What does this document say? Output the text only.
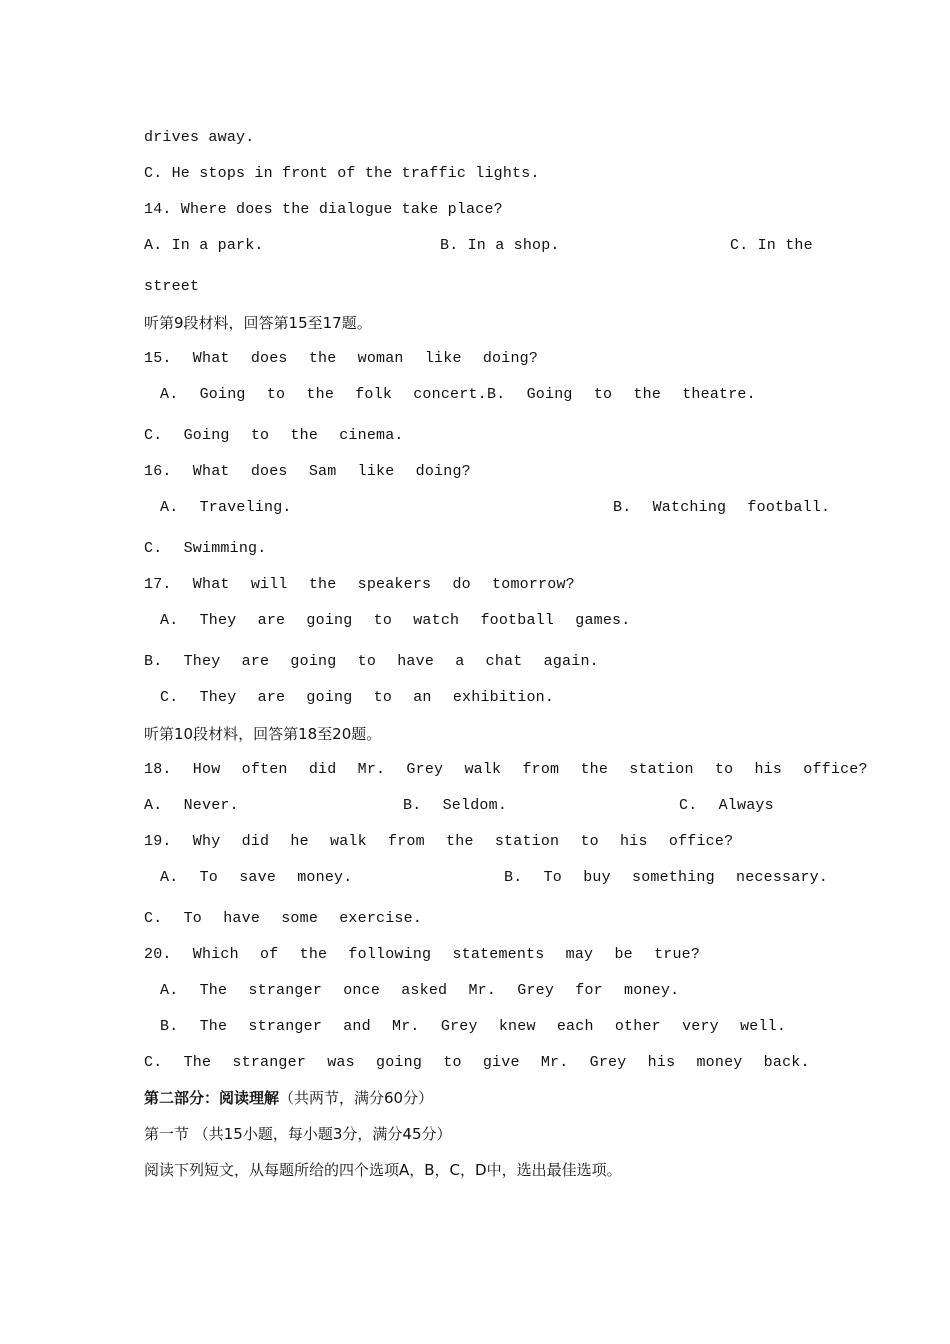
drives away.
C. He stops in front of the traffic lights.
14. Where does the dialogue take place?
A. In a park.	B. In a shop.	C. In the
street
听第9段材料，回答第15至17题。
15. What does the woman like doing?
A. Going to the folk concert. B. Going to the theatre.
C. Going to the cinema.
16. What does Sam like doing?
A. Traveling.	B. Watching football.
C. Swimming.
17. What will the speakers do tomorrow?
A. They are going to watch football games.
B. They are going to have a chat again.
C. They are going to an exhibition.
听第10段材料，回答第18至20题。
18. How often did Mr. Grey walk from the station to his office?
A. Never.	B. Seldom.	C. Always
19. Why did he walk from the station to his office?
A. To save money.	B. To buy something necessary.
C. To have some exercise.
20. Which of the following statements may be true?
A. The stranger once asked Mr. Grey for money.
B. The stranger and Mr. Grey knew each other very well.
C. The stranger was going to give Mr. Grey his money back.
第二部分：阅读理解（共两节，满分60分）
第一节 （共15小题，每小题3分，满分45分）
阅读下列短文，从每题所给的四个选项A，B，C，D中，选出最佳选项。
